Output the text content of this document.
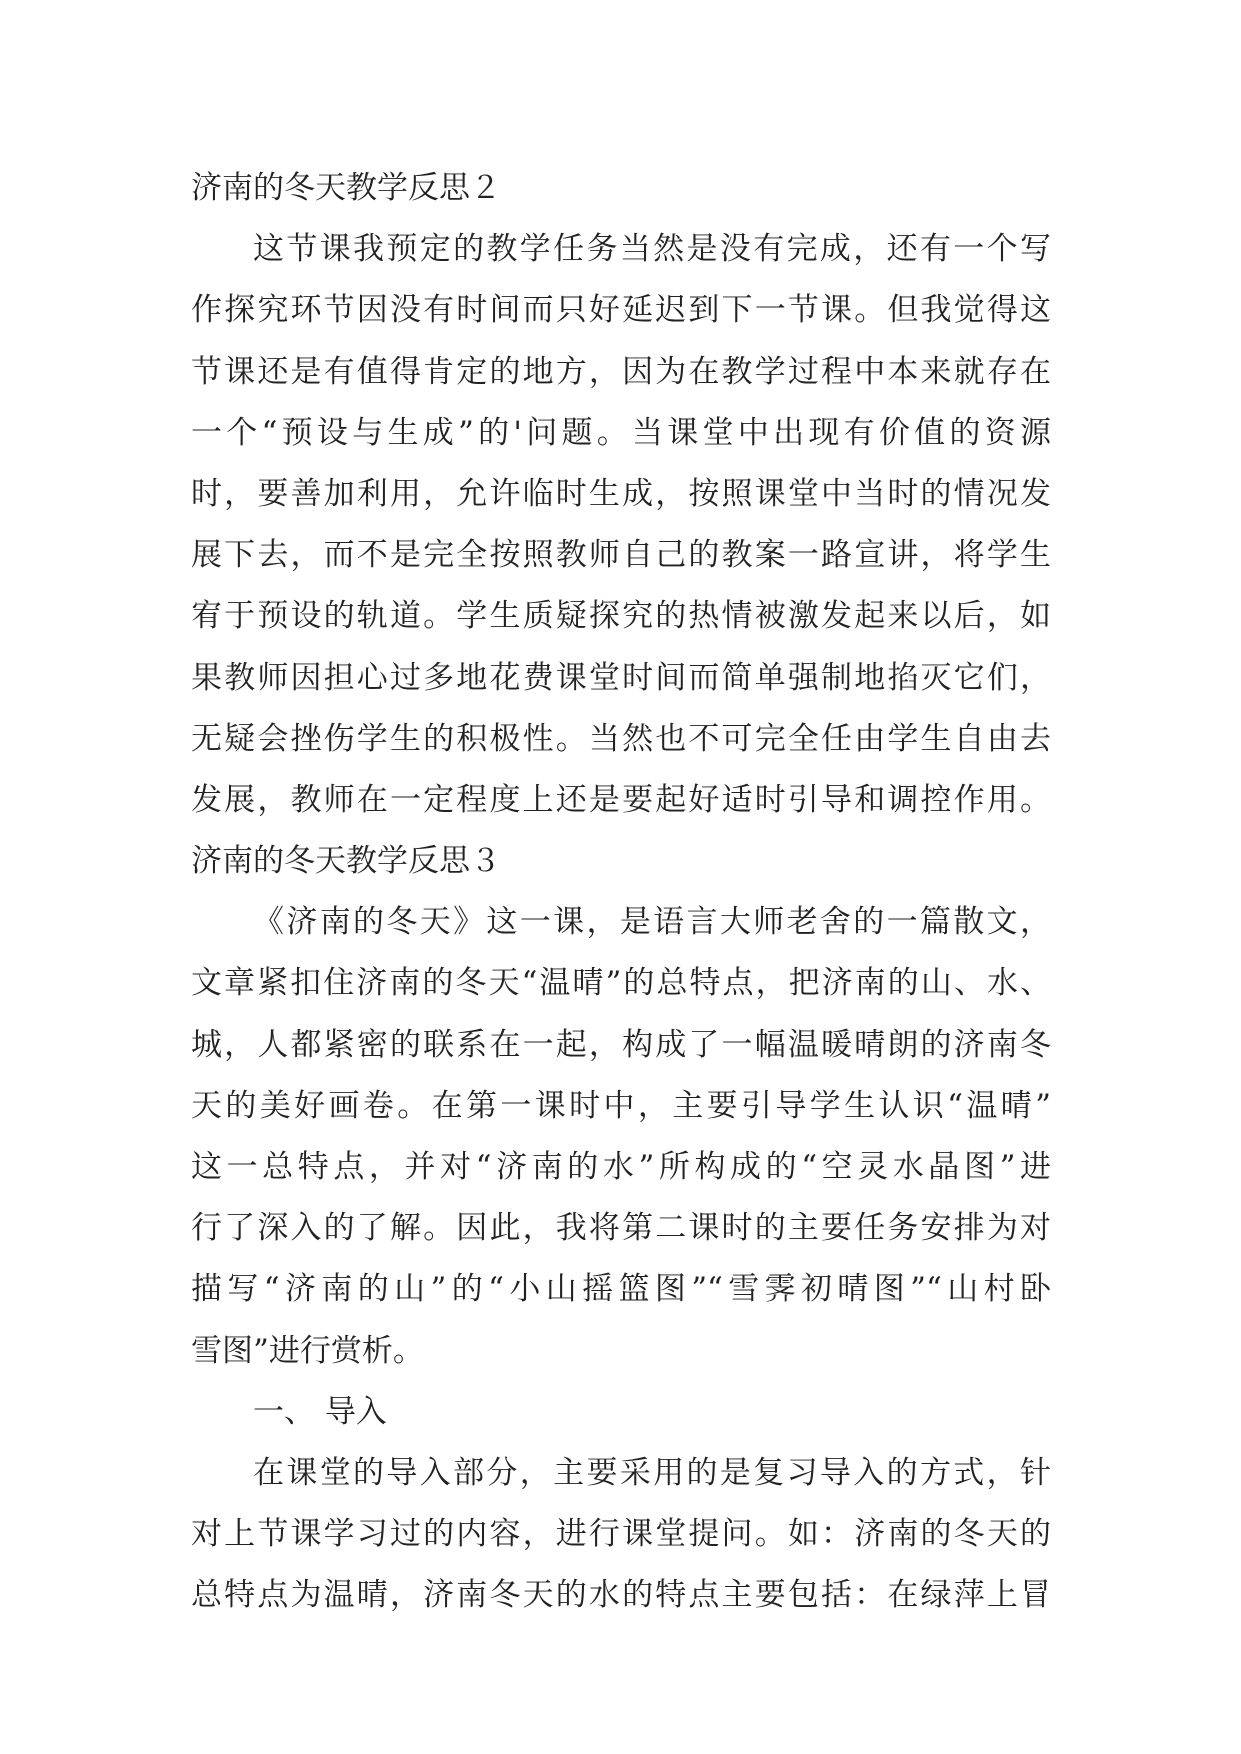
济南的冬天教学反思２
这节课我预定的教学任务当然是没有完成，还有一个写
作探究环节因没有时间而只好延迟到下一节课。但我觉得这
节课还是有值得肯定的地方，因为在教学过程中本来就存在
一个“预设与生成”的'问题。当课堂中出现有价值的资源
时，要善加利用，允许临时生成，按照课堂中当时的情况发
展下去，而不是完全按照教师自己的教案一路宣讲，将学生
宥于预设的轨道。学生质疑探究的热情被激发起来以后，如
果教师因担心过多地花费课堂时间而简单强制地掐灭它们，
无疑会挫伤学生的积极性。当然也不可完全任由学生自由去
发展，教师在一定程度上还是要起好适时引导和调控作用。
济南的冬天教学反思３
《济南的冬天》这一课，是语言大师老舍的一篇散文，
文章紧扣住济南的冬天“温晴”的总特点，把济南的山、水、
城，人都紧密的联系在一起，构成了一幅温暖晴朗的济南冬
天的美好画卷。在第一课时中，主要引导学生认识“温晴”
这一总特点，并对“济南的水”所构成的“空灵水晶图”进
行了深入的了解。因此，我将第二课时的主要任务安排为对
描写“济南的山”的“小山摇篮图”“雪霁初晴图”“山村卧
雪图”进行赏析。
一、 导入
在课堂的导入部分，主要采用的是复习导入的方式，针
对上节课学习过的内容，进行课堂提问。如：济南的冬天的
总特点为温晴，济南冬天的水的特点主要包括：在绿萍上冒
